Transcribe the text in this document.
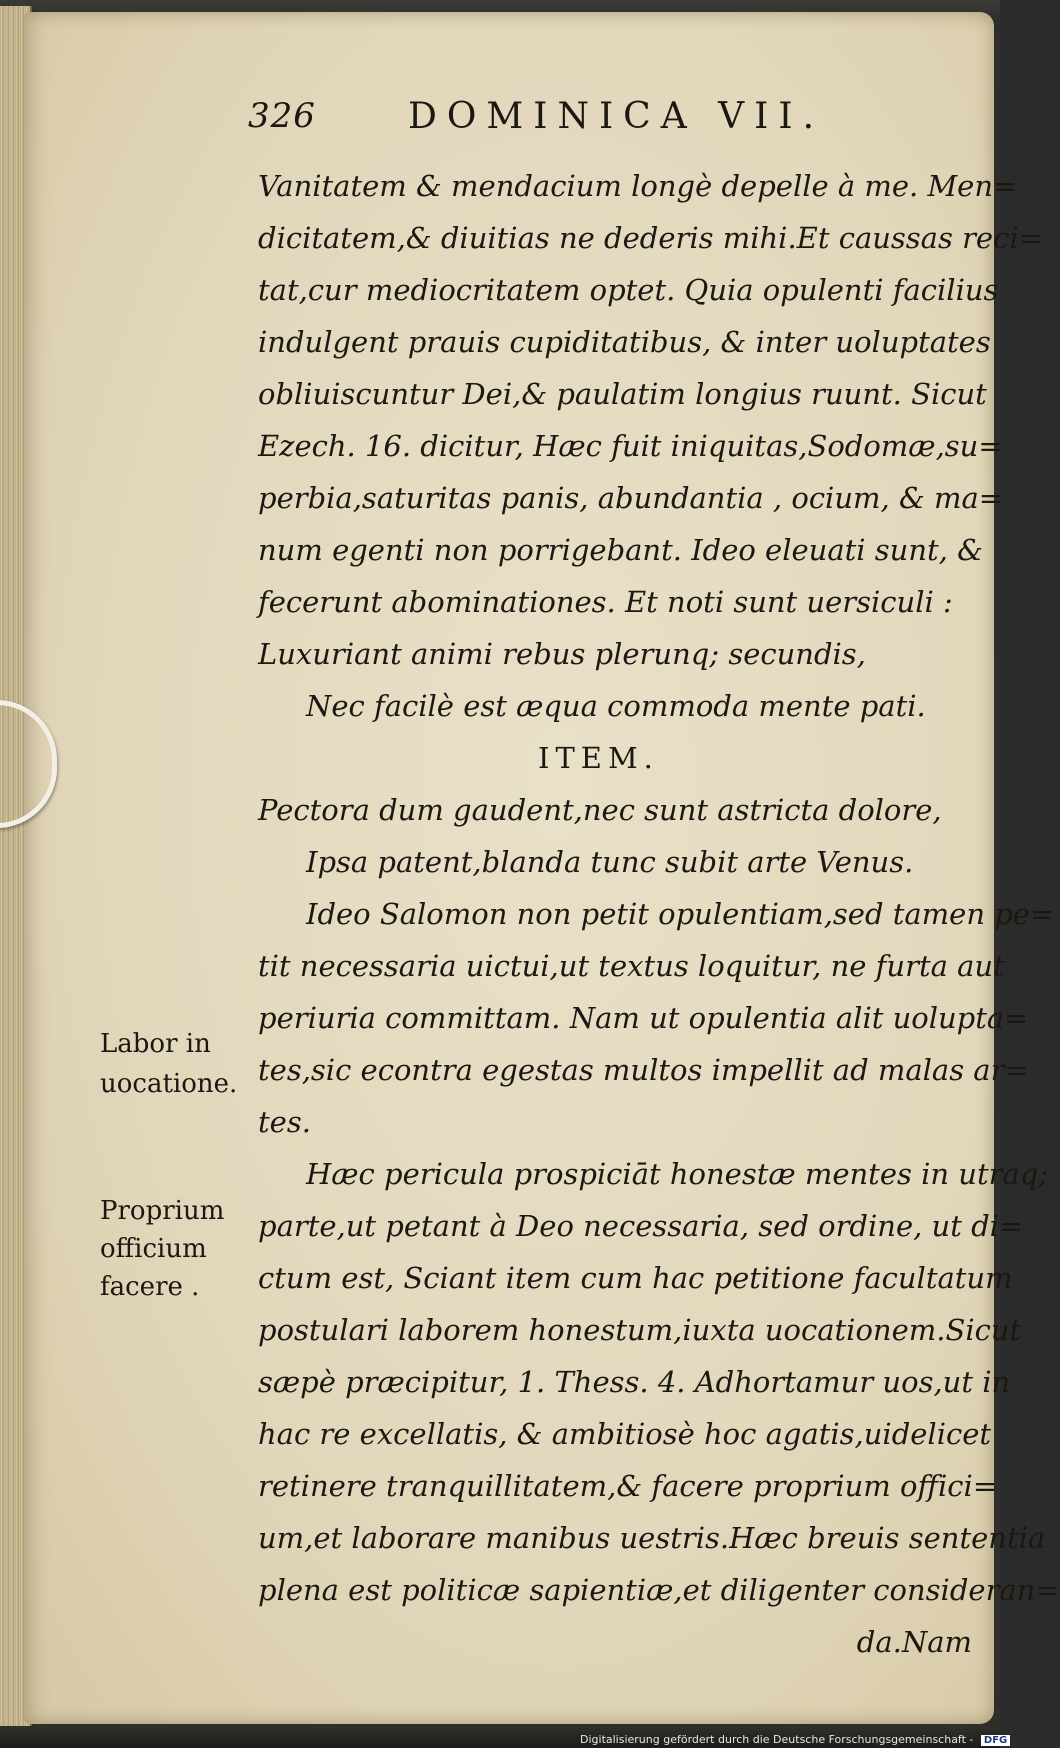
326	DOMINICA VII.
Vanitatem & mendacium longè depelle à me. Men=
dicitatem,& diuitias ne dederis mihi.Et caussas reci=
tat,cur mediocritatem optet. Quia opulenti facilius
indulgent prauis cupiditatibus, & inter uoluptates
obliuiscuntur Dei,& paulatim longius ruunt. Sicut
Ezech. 16. dicitur, Hæc fuit iniquitas,Sodomæ,su=
perbia,saturitas panis, abundantia , ocium, & ma=
num egenti non porrigebant. Ideo eleuati sunt, &
fecerunt abominationes. Et noti sunt uersiculi :
Luxuriant animi rebus plerunq; secundis,
Nec facilè est æqua commoda mente pati.
ITEM.
Pectora dum gaudent,nec sunt astricta dolore,
Ipsa patent,blanda tunc subit arte Venus.
Ideo Salomon non petit opulentiam,sed tamen pe=
tit necessaria uictui,ut textus loquitur, ne furta aut
periuria committam. Nam ut opulentia alit uolupta=
tes,sic econtra egestas multos impellit ad malas ar=
tes.
Hæc pericula prospiciāt honestæ mentes in utraq;
parte,ut petant à Deo necessaria, sed ordine, ut di=
ctum est, Sciant item cum hac petitione facultatum
postulari laborem honestum,iuxta uocationem.Sicut
sæpè præcipitur, 1. Thess. 4. Adhortamur uos,ut in
hac re excellatis, & ambitiosè hoc agatis,uidelicet
retinere tranquillitatem,& facere proprium offici=
um,et laborare manibus uestris.Hæc breuis sententia
plena est politicæ sapientiæ,et diligenter consideran=
da.Nam
Labor in
uocatione.
Proprium
officium
facere .
Digitalisierung gefördert durch die Deutsche Forschungsgemeinschaft - DFG
